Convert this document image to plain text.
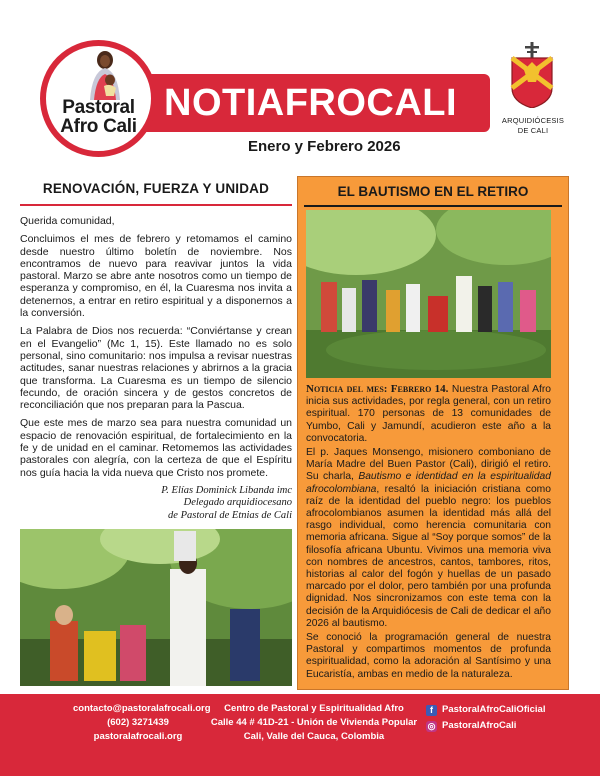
NOTIAFROCALI
Pastoral
Afro Cali
Enero y Febrero 2026
ARQUIDIÓCESIS
DE CALI
RENOVACIÓN, FUERZA Y UNIDAD

Querida comunidad,

Concluimos el mes de febrero y retomamos el camino desde nuestro último boletín de noviembre. Nos encontramos de nuevo para reavivar juntos la vida pastoral. Marzo se abre ante nosotros como un tiempo de esperanza y compromiso, en él, la Cuaresma nos invita a detenernos, a entrar en retiro espiritual y a disponernos a la conversión.

La Palabra de Dios nos recuerda: “Conviértanse y crean en el Evangelio” (Mc 1, 15). Este llamado no es solo personal, sino comunitario: nos impulsa a revisar nuestras actitudes, sanar nuestras relaciones y abrirnos a la gracia que transforma. La Cuaresma es un tiempo de silencio fecundo, de oración sincera y de gestos concretos de reconciliación que nos preparan para la Pascua.

Que este mes de marzo sea para nuestra comunidad un espacio de renovación espiritual, de fortalecimiento en la fe y de unidad en el caminar. Retomemos las actividades pastorales con alegría, con la certeza de que el Espíritu nos guía hacia la vida nueva que Cristo nos promete.

P. Elías Dominick Libanda imc
Delegado arquidiocesano
de Pastoral de Etnias de Cali
EL BAUTISMO EN EL RETIRO

Noticia del mes: Febrero 14. Nuestra Pastoral Afro inicia sus actividades, por regla general, con un retiro espiritual. 170 personas de 13 comunidades de Yumbo, Cali y Jamundí, acudieron este año a la convocatoria.

El p. Jaques Monsengo, misionero comboniano de María Madre del Buen Pastor (Cali), dirigió el retiro. Su charla, Bautismo e identidad en la espiritualidad afrocolombiana, resaltó la iniciación cristiana como raíz de la identidad del pueblo negro: los pueblos afrocolombianos asumen la identidad más allá del rasgo individual, como herencia comunitaria con memoria africana. Sigue al “Soy porque somos” de la filosofía africana Ubuntu. Vivimos una memoria viva con nombres de ancestros, cantos, tambores, ritos, historias al calor del fogón y huellas de un pasado marcado por el dolor, pero también por una profunda dignidad. Nos sincronizamos con este tema con la decisión de la Arquidiócesis de Cali de dedicar el año 2026 al bautismo.

Se conoció la programación general de nuestra Pastoral y compartimos momentos de profunda espiritualidad, como la adoración al Santísimo y una Eucaristía, ambas en medio de la naturaleza.

contacto@pastoralafrocali.org
(602) 3271439
pastoralafrocali.org
Centro de Pastoral y Espiritualidad Afro
Calle 44 # 41D-21 - Unión de Vivienda Popular
Cali, Valle del Cauca, Colombia
f PastoralAfroCaliOficial
◎ PastoralAfroCali
